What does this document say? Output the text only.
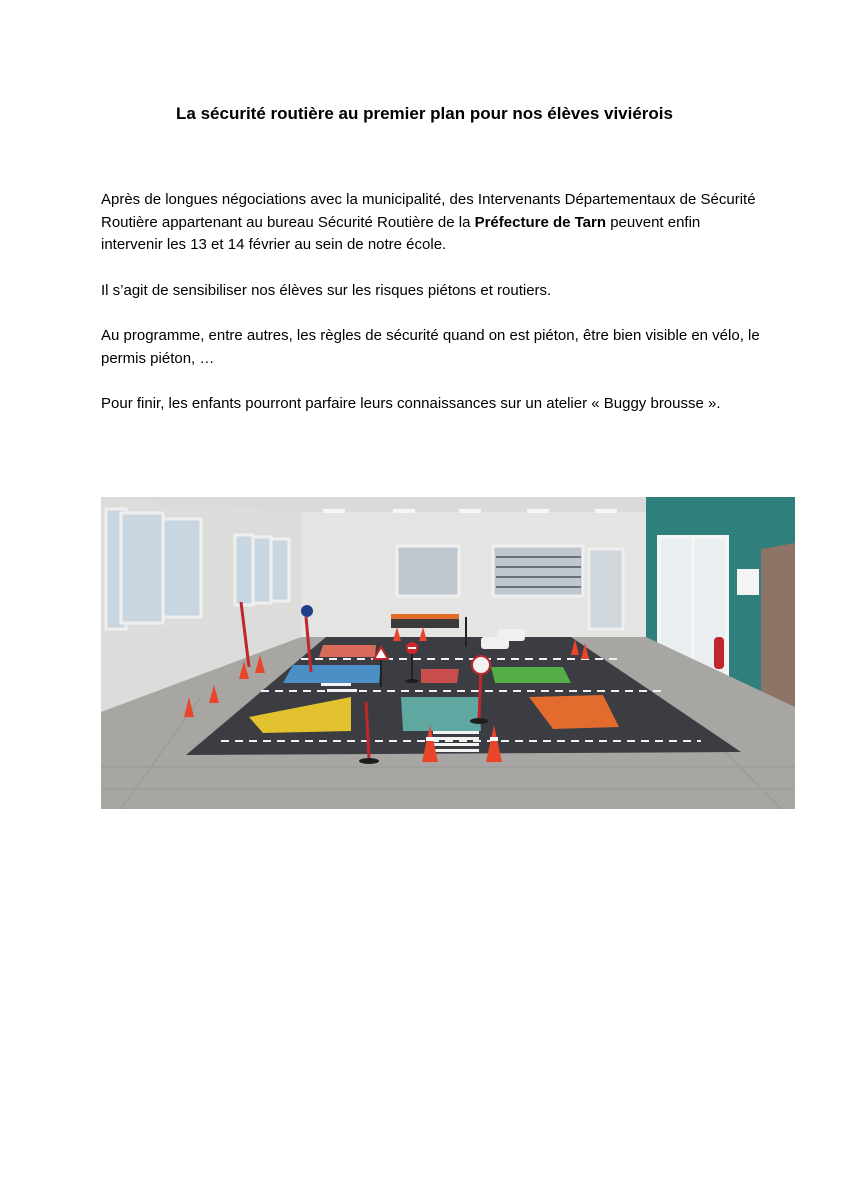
La sécurité routière au premier plan pour nos élèves viviérois

Après de longues négociations avec la municipalité, des Intervenants Départementaux de Sécurité Routière appartenant au bureau Sécurité Routière de la Préfecture de Tarn peuvent enfin intervenir les 13 et 14 février au sein de notre école.

Il s’agit de sensibiliser nos élèves sur les risques piétons et routiers.

Au programme, entre autres, les règles de sécurité quand on est piéton, être bien visible en vélo, le permis piéton, …

Pour finir, les enfants pourront parfaire leurs connaissances sur un atelier « Buggy brousse ».
